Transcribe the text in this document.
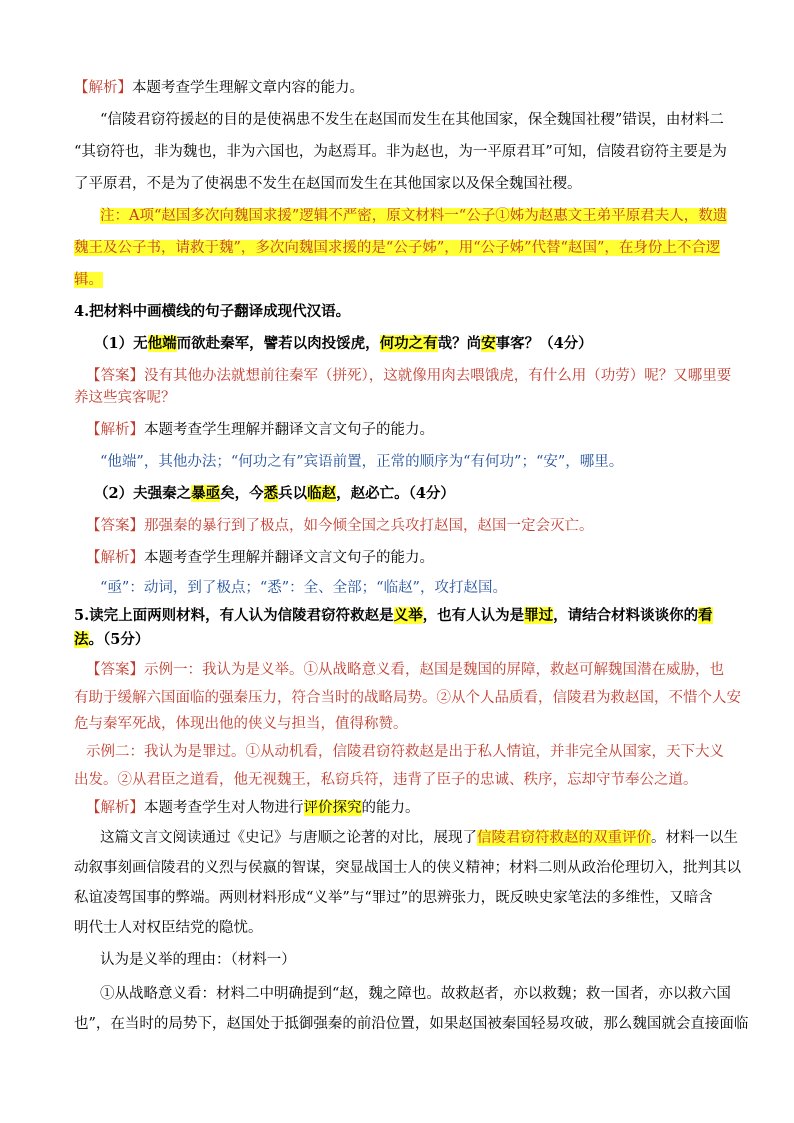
【解析】本题考查学生理解文章内容的能力。
“信陵君窃符援赵的目的是使祸患不发生在赵国而发生在其他国家，保全魏国社稷”错误，由材料二
“其窃符也，非为魏也，非为六国也，为赵焉耳。非为赵也，为一平原君耳”可知，信陵君窃符主要是为
了平原君，不是为了使祸患不发生在赵国而发生在其他国家以及保全魏国社稷。
注：A项“赵国多次向魏国求援”逻辑不严密，原文材料一“公子①姊为赵惠文王弟平原君夫人，数遗
魏王及公子书，请救于魏”，多次向魏国求援的是“公子姊”，用“公子姊”代替“赵国”，在身份上不合逻
辑。
4.把材料中画横线的句子翻译成现代汉语。
（1）无他端而欲赴秦军，譬若以肉投馁虎，何功之有哉？尚安事客？（4分）
【答案】没有其他办法就想前往秦军（拼死），这就像用肉去喂饿虎，有什么用（功劳）呢？又哪里要
养这些宾客呢？
【解析】本题考查学生理解并翻译文言文句子的能力。
“他端”，其他办法；“何功之有”宾语前置，正常的顺序为“有何功”；“安”，哪里。
（2）夫强秦之暴亟矣，今悉兵以临赵，赵必亡。（4分）
【答案】那强秦的暴行到了极点，如今倾全国之兵攻打赵国，赵国一定会灭亡。
【解析】本题考查学生理解并翻译文言文句子的能力。
“亟”：动词，到了极点；“悉”：全、全部；“临赵”，攻打赵国。
5.读完上面两则材料，有人认为信陵君窃符救赵是义举，也有人认为是罪过，请结合材料谈谈你的看
法。（5分）
【答案】示例一：我认为是义举。①从战略意义看，赵国是魏国的屏障，救赵可解魏国潜在威胁，也
有助于缓解六国面临的强秦压力，符合当时的战略局势。②从个人品质看，信陵君为救赵国，不惜个人安
危与秦军死战，体现出他的侠义与担当，值得称赞。
示例二：我认为是罪过。①从动机看，信陵君窃符救赵是出于私人情谊，并非完全从国家，天下大义
出发。②从君臣之道看，他无视魏王，私窃兵符，违背了臣子的忠诚、秩序，忘却守节奉公之道。
【解析】本题考查学生对人物进行评价探究的能力。
这篇文言文阅读通过《史记》与唐顺之论著的对比，展现了信陵君窃符救赵的双重评价。材料一以生
动叙事刻画信陵君的义烈与侯嬴的智谋，突显战国士人的侠义精神；材料二则从政治伦理切入，批判其以
私谊凌驾国事的弊端。两则材料形成“义举”与“罪过”的思辨张力，既反映史家笔法的多维性，又暗含
明代士人对权臣结党的隐忧。
认为是义举的理由：（材料一）
①从战略意义看：材料二中明确提到“赵，魏之障也。故救赵者，亦以救魏；救一国者，亦以救六国
也”，在当时的局势下，赵国处于抵御强秦的前沿位置，如果赵国被秦国轻易攻破，那么魏国就会直接面临
